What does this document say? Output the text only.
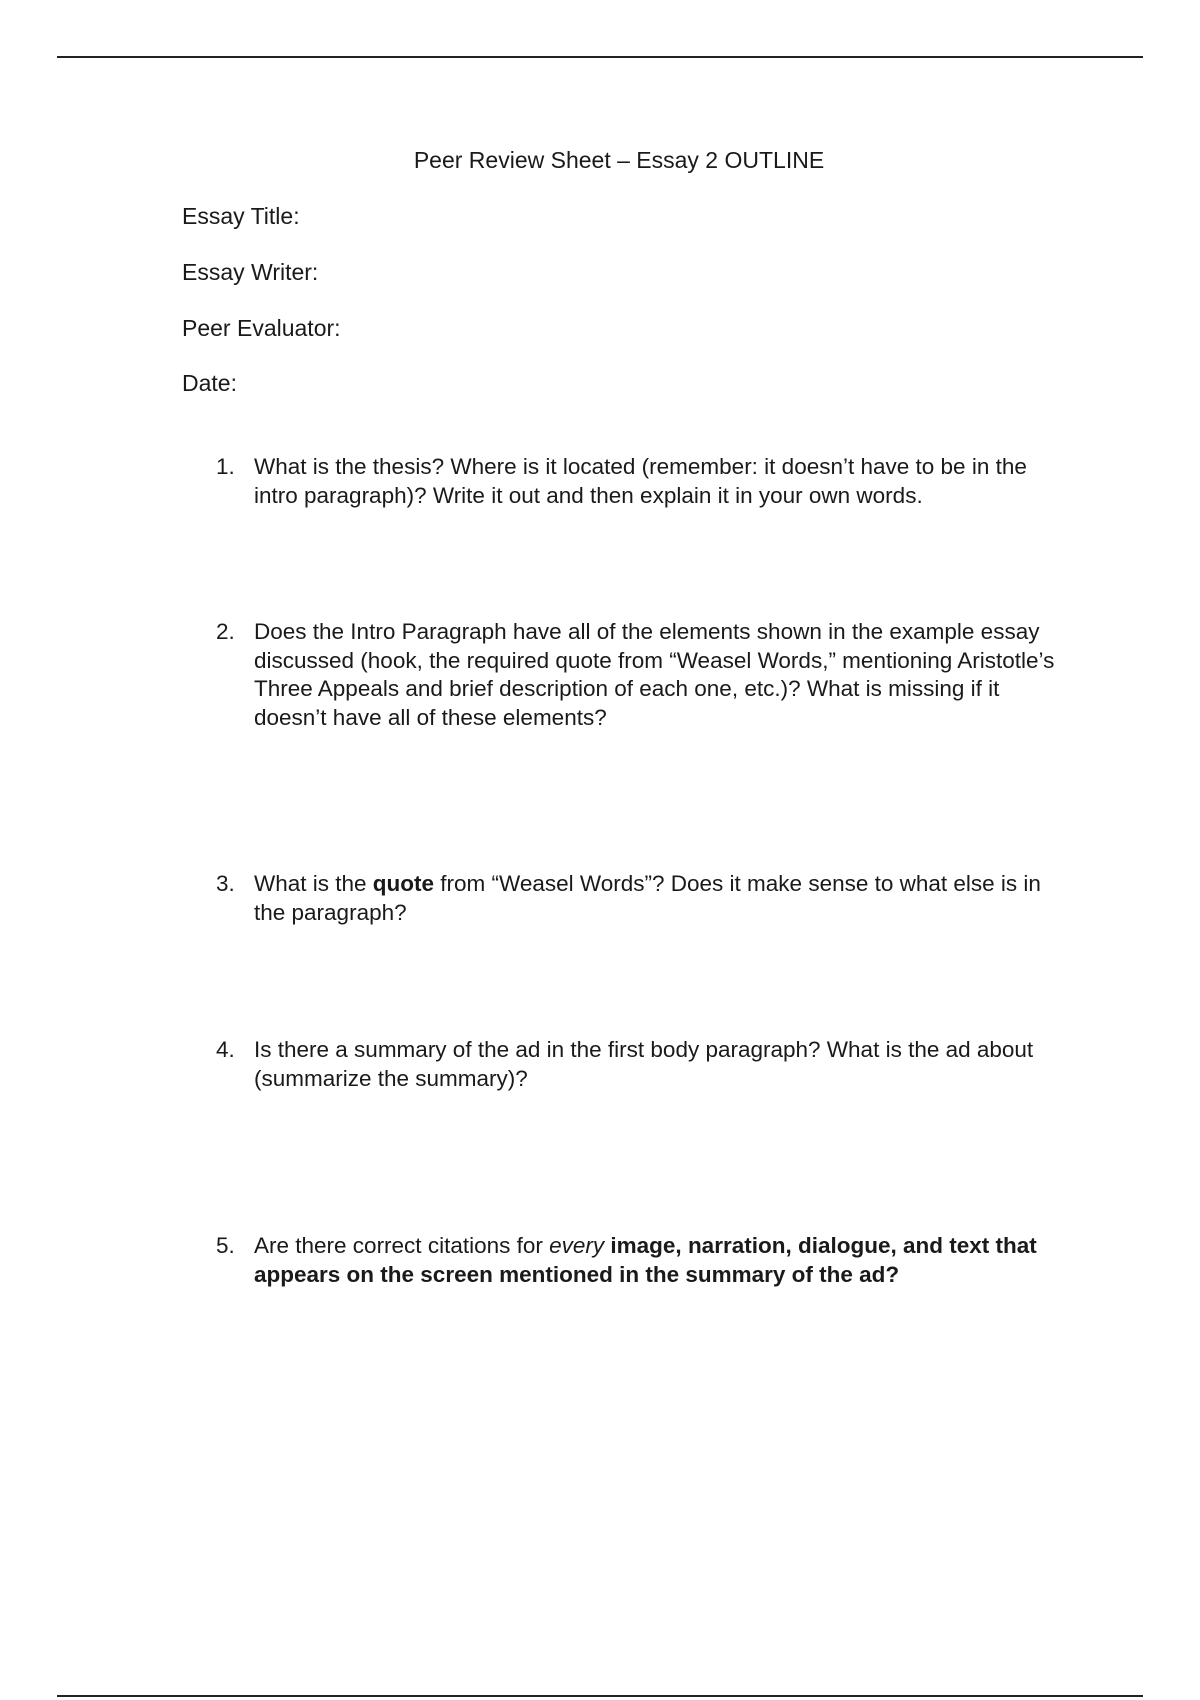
Peer Review Sheet – Essay 2 OUTLINE
Essay Title:
Essay Writer:
Peer Evaluator:
Date:
1. What is the thesis? Where is it located (remember: it doesn’t have to be in the intro paragraph)? Write it out and then explain it in your own words.
2. Does the Intro Paragraph have all of the elements shown in the example essay discussed (hook, the required quote from “Weasel Words,” mentioning Aristotle’s Three Appeals and brief description of each one, etc.)? What is missing if it doesn’t have all of these elements?
3. What is the quote from “Weasel Words”? Does it make sense to what else is in the paragraph?
4. Is there a summary of the ad in the first body paragraph? What is the ad about (summarize the summary)?
5. Are there correct citations for every image, narration, dialogue, and text that appears on the screen mentioned in the summary of the ad?
